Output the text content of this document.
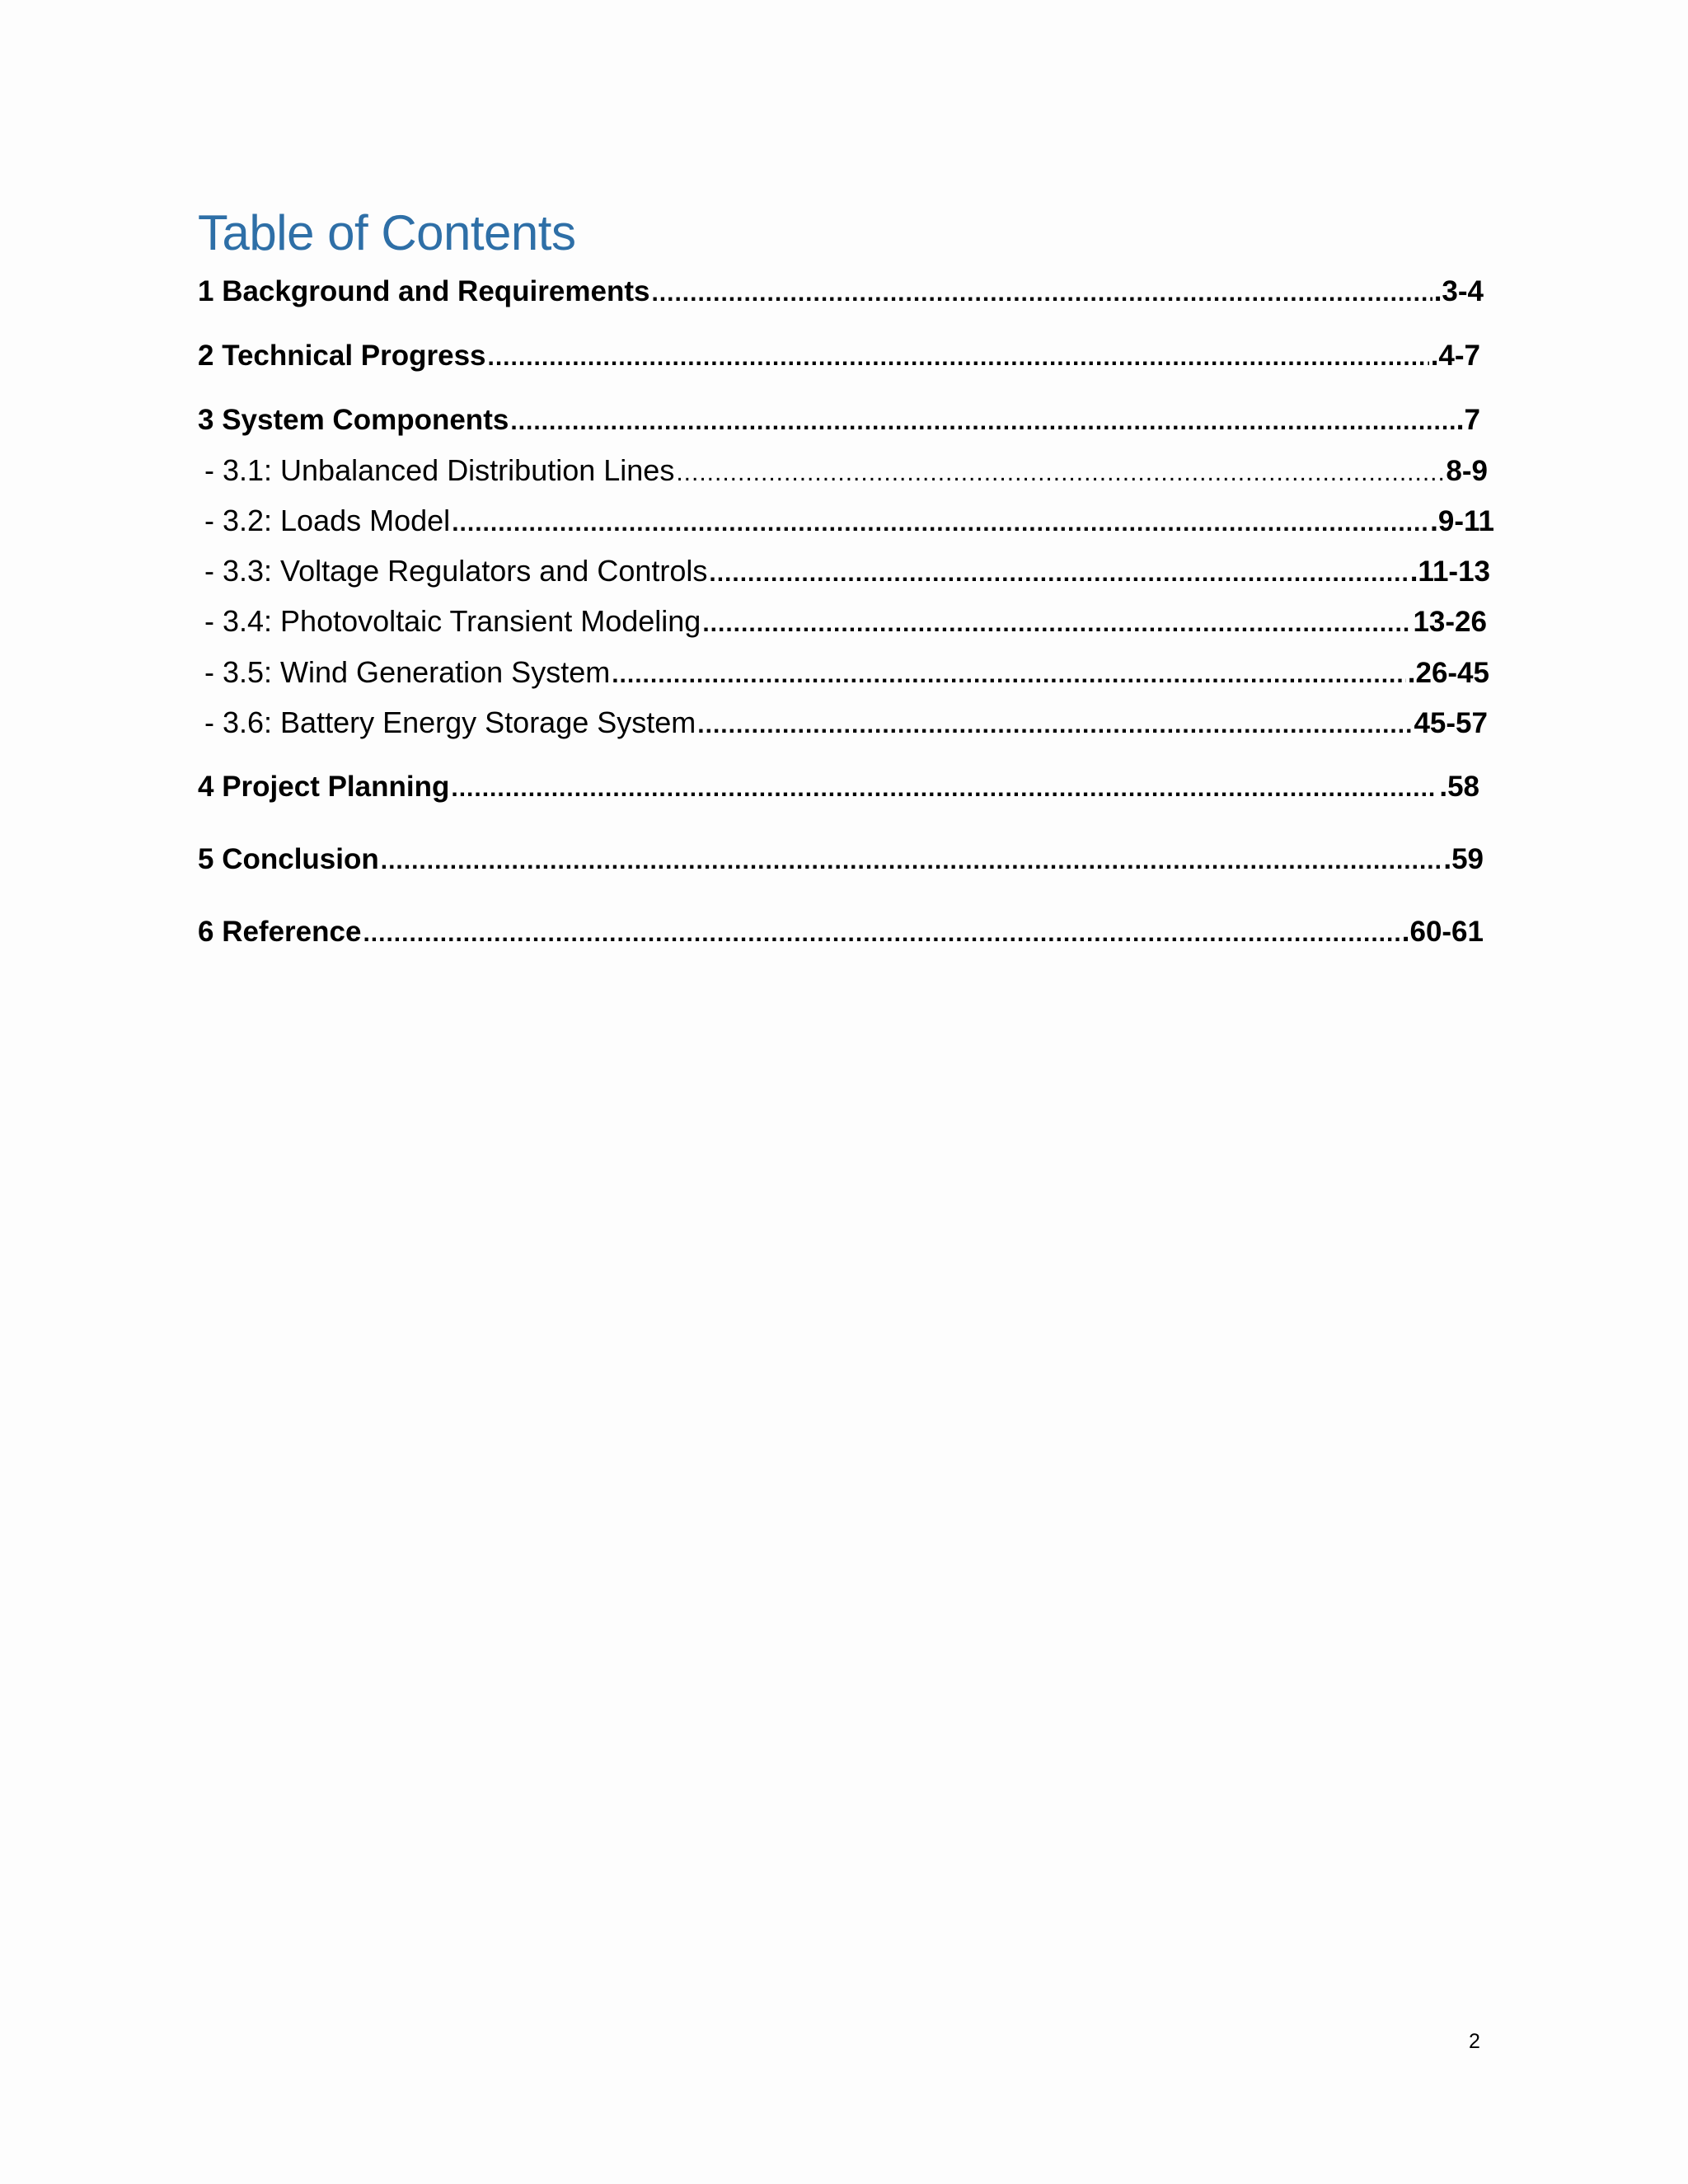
Table of Contents
1 Background and Requirements .....	.3-4
2 Technical Progress .....	.4-7
3 System Components .....	.7
- 3.1: Unbalanced Distribution Lines .....	8-9
- 3.2: Loads Model .....	.9-11
- 3.3: Voltage Regulators and Controls .....	.11-13
- 3.4: Photovoltaic Transient Modeling .....	13-26
- 3.5: Wind Generation System .....	.26-45
- 3.6: Battery Energy Storage System .....	45-57
4 Project Planning .....	.58
5 Conclusion .....	.59
6 Reference .....	.60-61
2
